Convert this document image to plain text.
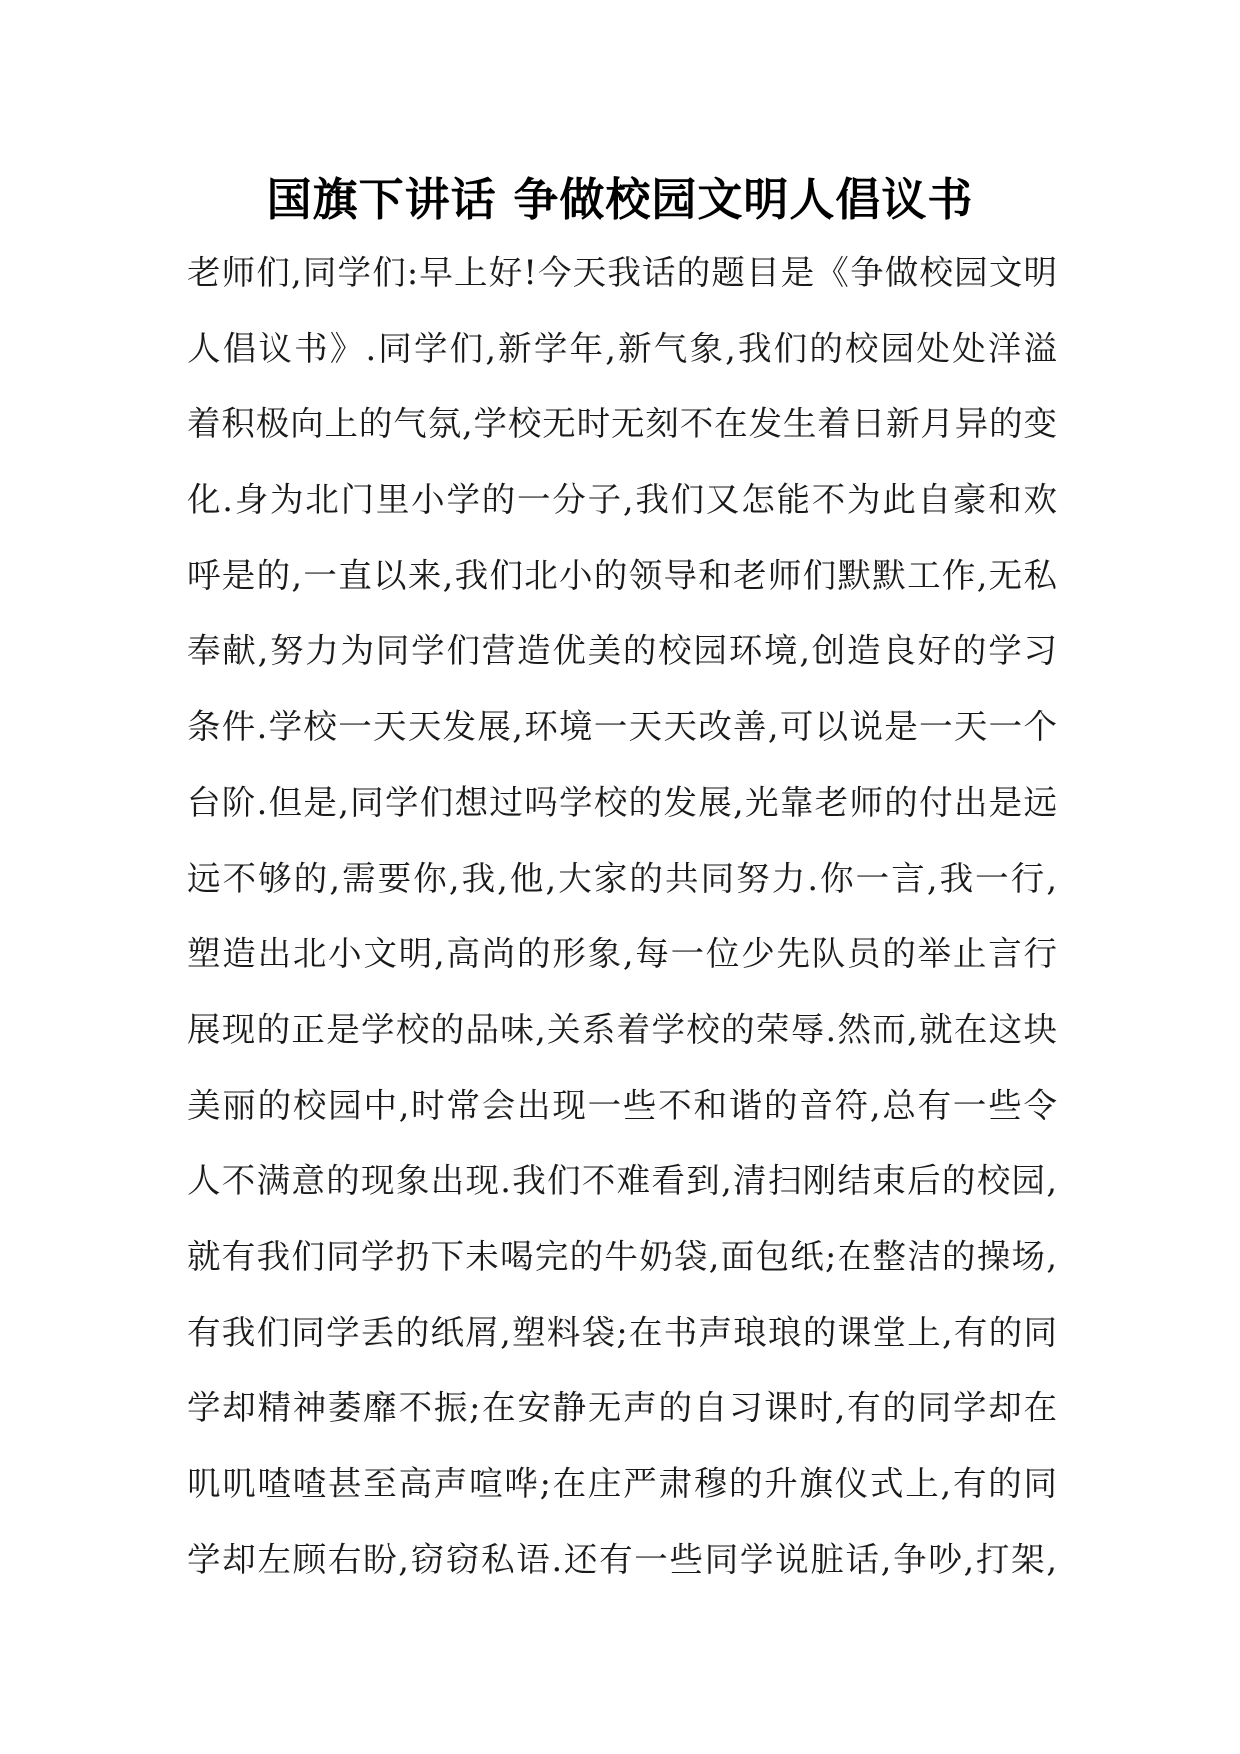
国旗下讲话 争做校园文明人倡议书
老师们,同学们:早上好!今天我话的题目是《争做校园文明
人倡议书》.同学们,新学年,新气象,我们的校园处处洋溢
着积极向上的气氛,学校无时无刻不在发生着日新月异的变
化.身为北门里小学的一分子,我们又怎能不为此自豪和欢
呼是的,一直以来,我们北小的领导和老师们默默工作,无私
奉献,努力为同学们营造优美的校园环境,创造良好的学习
条件.学校一天天发展,环境一天天改善,可以说是一天一个
台阶.但是,同学们想过吗学校的发展,光靠老师的付出是远
远不够的,需要你,我,他,大家的共同努力.你一言,我一行,
塑造出北小文明,高尚的形象,每一位少先队员的举止言行
展现的正是学校的品味,关系着学校的荣辱.然而,就在这块
美丽的校园中,时常会出现一些不和谐的音符,总有一些令
人不满意的现象出现.我们不难看到,清扫刚结束后的校园,
就有我们同学扔下未喝完的牛奶袋,面包纸;在整洁的操场,
有我们同学丢的纸屑,塑料袋;在书声琅琅的课堂上,有的同
学却精神萎靡不振;在安静无声的自习课时,有的同学却在
叽叽喳喳甚至高声喧哗;在庄严肃穆的升旗仪式上,有的同
学却左顾右盼,窃窃私语.还有一些同学说脏话,争吵,打架,
